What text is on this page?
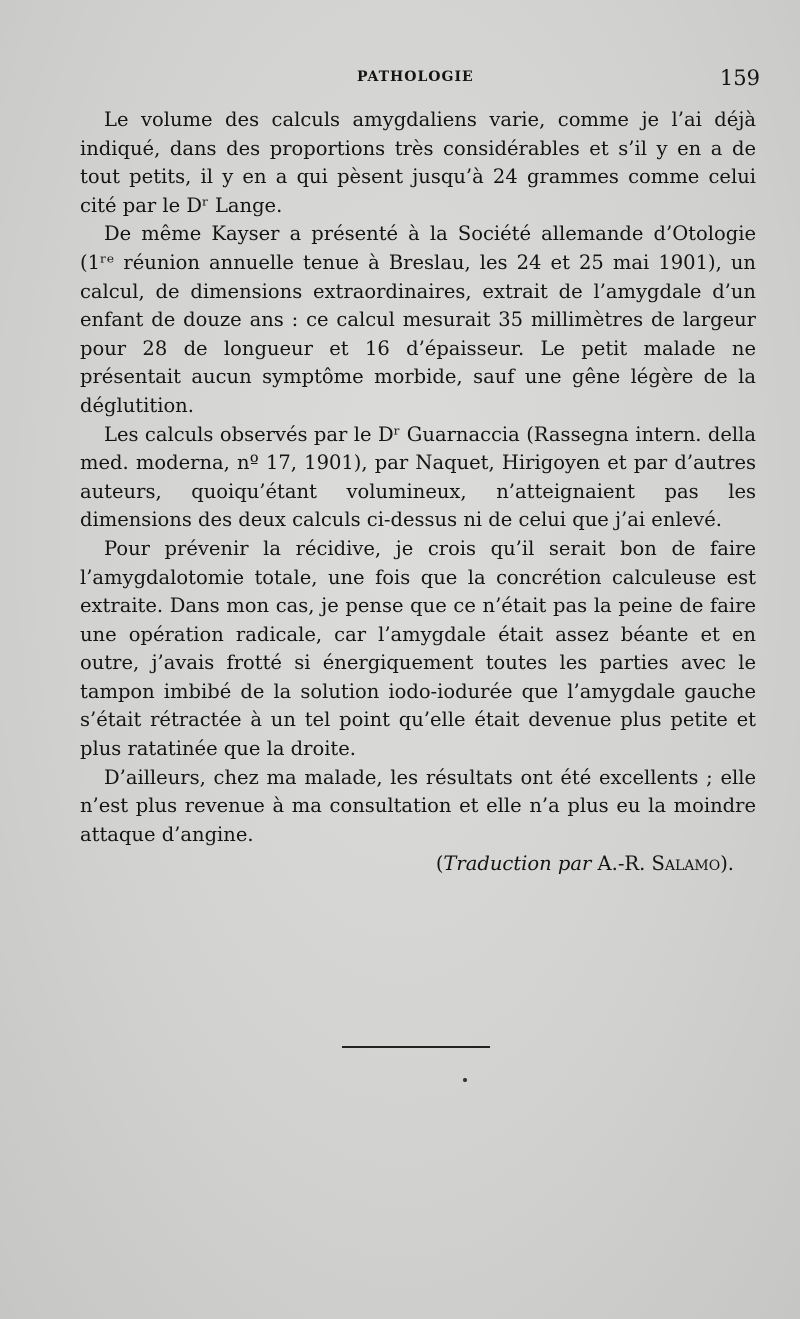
PATHOLOGIE	159

Le volume des calculs amygdaliens varie, comme je l’ai déjà indiqué, dans des proportions très considérables et s’il y en a de tout petits, il y en a qui pèsent jusqu’à 24 grammes comme celui cité par le Dʳ Lange.

De même Kayser a présenté à la Société allemande d’Otologie (1ʳᵉ réunion annuelle tenue à Breslau, les 24 et 25 mai 1901), un calcul, de dimensions extraordinaires, extrait de l’amygdale d’un enfant de douze ans : ce calcul mesurait 35 millimètres de largeur pour 28 de longueur et 16 d’épaisseur. Le petit malade ne présentait aucun symptôme morbide, sauf une gêne légère de la déglutition.

Les calculs observés par le Dʳ Guarnaccia (Rassegna intern. della med. moderna, nº 17, 1901), par Naquet, Hirigoyen et par d’autres auteurs, quoiqu’étant volumineux, n’atteignaient pas les dimensions des deux calculs ci-dessus ni de celui que j’ai enlevé.

Pour prévenir la récidive, je crois qu’il serait bon de faire l’amygdalotomie totale, une fois que la concrétion calculeuse est extraite. Dans mon cas, je pense que ce n’était pas la peine de faire une opération radicale, car l’amygdale était assez béante et en outre, j’avais frotté si énergiquement toutes les parties avec le tampon imbibé de la solution iodo-iodurée que l’amygdale gauche s’était rétractée à un tel point qu’elle était devenue plus petite et plus ratatinée que la droite.

D’ailleurs, chez ma malade, les résultats ont été excellents ; elle n’est plus revenue à ma consultation et elle n’a plus eu la moindre attaque d’angine.

(Traduction par A.-R. Salamo).
